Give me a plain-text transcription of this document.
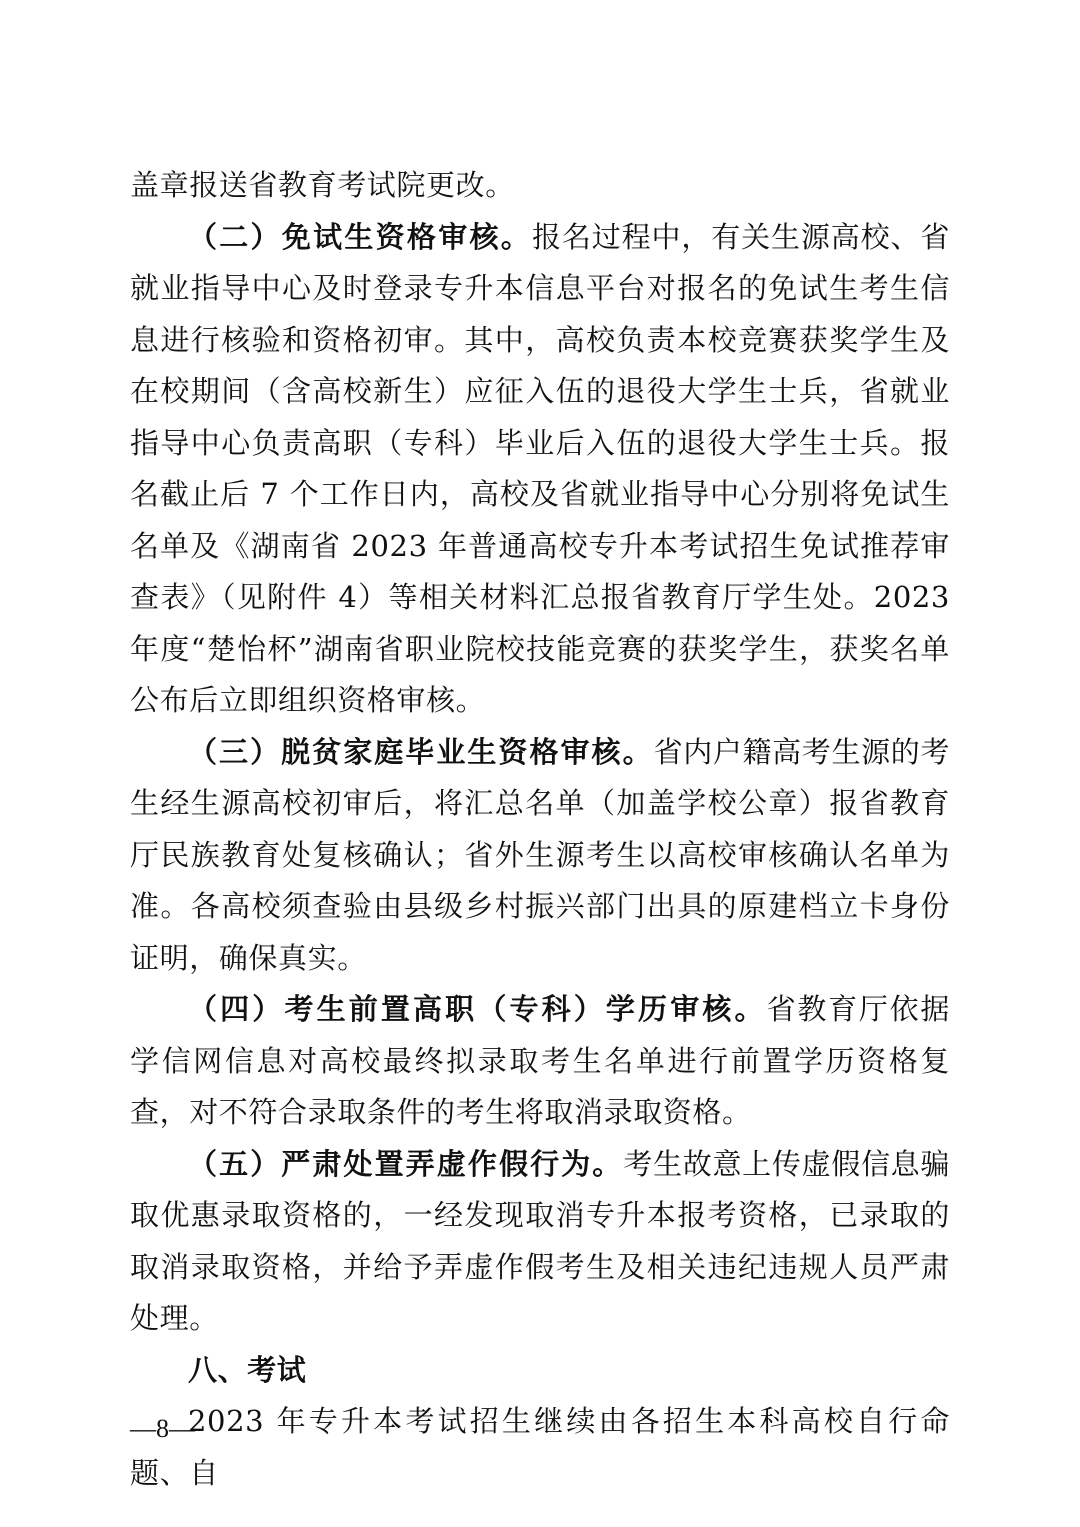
盖章报送省教育考试院更改。

（二）免试生资格审核。报名过程中，有关生源高校、省就业指导中心及时登录专升本信息平台对报名的免试生考生信息进行核验和资格初审。其中，高校负责本校竞赛获奖学生及在校期间（含高校新生）应征入伍的退役大学生士兵，省就业指导中心负责高职（专科）毕业后入伍的退役大学生士兵。报名截止后 7 个工作日内，高校及省就业指导中心分别将免试生名单及《湖南省 2023 年普通高校专升本考试招生免试推荐审查表》（见附件 4）等相关材料汇总报省教育厅学生处。2023 年度“楚怡杯”湖南省职业院校技能竞赛的获奖学生，获奖名单公布后立即组织资格审核。

（三）脱贫家庭毕业生资格审核。省内户籍高考生源的考生经生源高校初审后，将汇总名单（加盖学校公章）报省教育厅民族教育处复核确认；省外生源考生以高校审核确认名单为准。各高校须查验由县级乡村振兴部门出具的原建档立卡身份证明，确保真实。

（四）考生前置高职（专科）学历审核。省教育厅依据学信网信息对高校最终拟录取考生名单进行前置学历资格复查，对不符合录取条件的考生将取消录取资格。

（五）严肃处置弄虚作假行为。考生故意上传虚假信息骗取优惠录取资格的，一经发现取消专升本报考资格，已录取的取消录取资格，并给予弄虚作假考生及相关违纪违规人员严肃处理。

八、考试

2023 年专升本考试招生继续由各招生本科高校自行命题、自

—8—
